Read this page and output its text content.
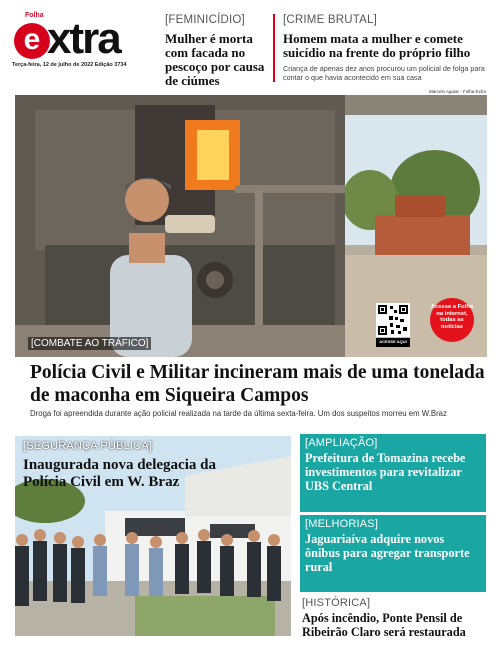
Folha
e xtra
Terça-feira, 12 de julho de 2022 Edição 3734
[FEMINICÍDIO]
Mulher é morta com facada no pescoço por causa de ciúmes
[CRIME BRUTAL]
Homem mata a mulher e comete suicídio na frente do próprio filho
Criança de apenas dez anos procurou um policial de folga para contar o que havia acontecido em sua casa
Marcelo Aguiar - Folha Extra
[COMBATE AO TRÁFICO]	ACESSE AQUI
Acesse a Folha na internet, todas as notícias
Polícia Civil e Militar incineram mais de uma tonelada de maconha em Siqueira Campos
Droga foi apreendida durante ação policial realizada na tarde da última sexta-feira. Um dos suspeitos morreu em W.Braz
[SEGURANÇA PÚBLICA]
Inaugurada nova delegacia da Polícia Civil em W. Braz
[AMPLIAÇÃO]
Prefeitura de Tomazina recebe investimentos para revitalizar UBS Central
[MELHORIAS]
Jaguariaíva adquire novos ônibus para agregar transporte rural
[HISTÓRICA]
Após incêndio, Ponte Pensil de Ribeirão Claro será restaurada
